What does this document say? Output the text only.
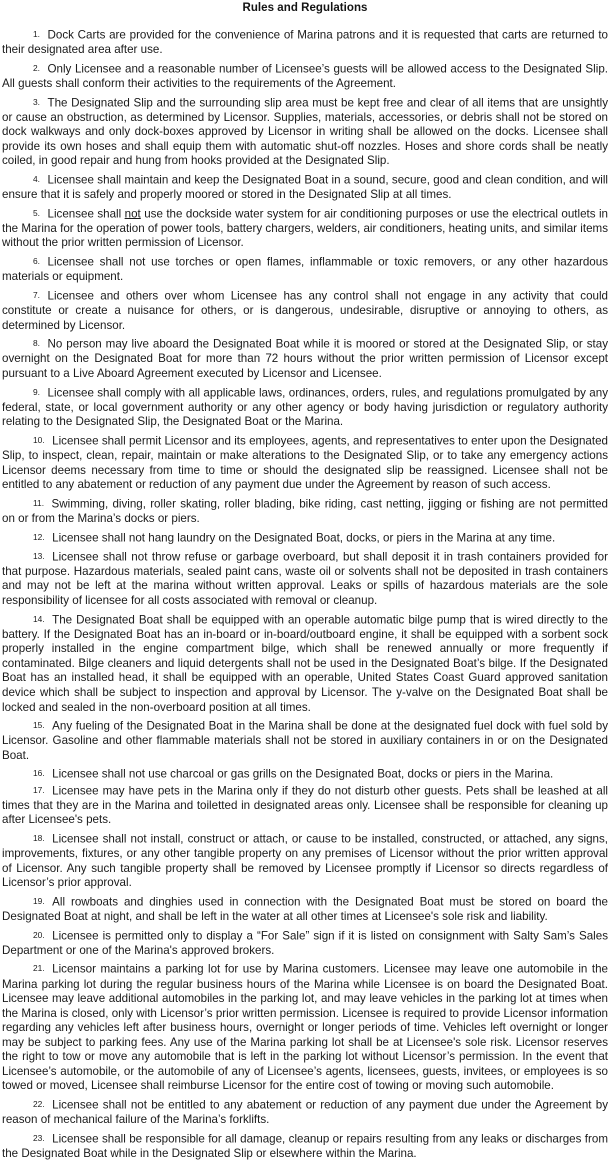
Rules and Regulations
1. Dock Carts are provided for the convenience of Marina patrons and it is requested that carts are returned to their designated area after use.
2. Only Licensee and a reasonable number of Licensee’s guests will be allowed access to the Designated Slip. All guests shall conform their activities to the requirements of the Agreement.
3. The Designated Slip and the surrounding slip area must be kept free and clear of all items that are unsightly or cause an obstruction, as determined by Licensor. Supplies, materials, accessories, or debris shall not be stored on dock walkways and only dock-boxes approved by Licensor in writing shall be allowed on the docks. Licensee shall provide its own hoses and shall equip them with automatic shut-off nozzles. Hoses and shore cords shall be neatly coiled, in good repair and hung from hooks provided at the Designated Slip.
4. Licensee shall maintain and keep the Designated Boat in a sound, secure, good and clean condition, and will ensure that it is safely and properly moored or stored in the Designated Slip at all times.
5. Licensee shall not use the dockside water system for air conditioning purposes or use the electrical outlets in the Marina for the operation of power tools, battery chargers, welders, air conditioners, heating units, and similar items without the prior written permission of Licensor.
6. Licensee shall not use torches or open flames, inflammable or toxic removers, or any other hazardous materials or equipment.
7. Licensee and others over whom Licensee has any control shall not engage in any activity that could constitute or create a nuisance for others, or is dangerous, undesirable, disruptive or annoying to others, as determined by Licensor.
8. No person may live aboard the Designated Boat while it is moored or stored at the Designated Slip, or stay overnight on the Designated Boat for more than 72 hours without the prior written permission of Licensor except pursuant to a Live Aboard Agreement executed by Licensor and Licensee.
9. Licensee shall comply with all applicable laws, ordinances, orders, rules, and regulations promulgated by any federal, state, or local government authority or any other agency or body having jurisdiction or regulatory authority relating to the Designated Slip, the Designated Boat or the Marina.
10. Licensee shall permit Licensor and its employees, agents, and representatives to enter upon the Designated Slip, to inspect, clean, repair, maintain or make alterations to the Designated Slip, or to take any emergency actions Licensor deems necessary from time to time or should the designated slip be reassigned. Licensee shall not be entitled to any abatement or reduction of any payment due under the Agreement by reason of such access.
11. Swimming, diving, roller skating, roller blading, bike riding, cast netting, jigging or fishing are not permitted on or from the Marina’s docks or piers.
12. Licensee shall not hang laundry on the Designated Boat, docks, or piers in the Marina at any time.
13. Licensee shall not throw refuse or garbage overboard, but shall deposit it in trash containers provided for that purpose. Hazardous materials, sealed paint cans, waste oil or solvents shall not be deposited in trash containers and may not be left at the marina without written approval. Leaks or spills of hazardous materials are the sole responsibility of licensee for all costs associated with removal or cleanup.
14. The Designated Boat shall be equipped with an operable automatic bilge pump that is wired directly to the battery. If the Designated Boat has an in-board or in-board/outboard engine, it shall be equipped with a sorbent sock properly installed in the engine compartment bilge, which shall be renewed annually or more frequently if contaminated. Bilge cleaners and liquid detergents shall not be used in the Designated Boat’s bilge. If the Designated Boat has an installed head, it shall be equipped with an operable, United States Coast Guard approved sanitation device which shall be subject to inspection and approval by Licensor. The y-valve on the Designated Boat shall be locked and sealed in the non-overboard position at all times.
15. Any fueling of the Designated Boat in the Marina shall be done at the designated fuel dock with fuel sold by Licensor. Gasoline and other flammable materials shall not be stored in auxiliary containers in or on the Designated Boat.
16. Licensee shall not use charcoal or gas grills on the Designated Boat, docks or piers in the Marina.
17. Licensee may have pets in the Marina only if they do not disturb other guests. Pets shall be leashed at all times that they are in the Marina and toiletted in designated areas only. Licensee shall be responsible for cleaning up after Licensee's pets.
18. Licensee shall not install, construct or attach, or cause to be installed, constructed, or attached, any signs, improvements, fixtures, or any other tangible property on any premises of Licensor without the prior written approval of Licensor. Any such tangible property shall be removed by Licensee promptly if Licensor so directs regardless of Licensor’s prior approval.
19. All rowboats and dinghies used in connection with the Designated Boat must be stored on board the Designated Boat at night, and shall be left in the water at all other times at Licensee's sole risk and liability.
20. Licensee is permitted only to display a “For Sale” sign if it is listed on consignment with Salty Sam’s Sales Department or one of the Marina's approved brokers.
21. Licensor maintains a parking lot for use by Marina customers. Licensee may leave one automobile in the Marina parking lot during the regular business hours of the Marina while Licensee is on board the Designated Boat. Licensee may leave additional automobiles in the parking lot, and may leave vehicles in the parking lot at times when the Marina is closed, only with Licensor’s prior written permission. Licensee is required to provide Licensor information regarding any vehicles left after business hours, overnight or longer periods of time. Vehicles left overnight or longer may be subject to parking fees. Any use of the Marina parking lot shall be at Licensee's sole risk. Licensor reserves the right to tow or move any automobile that is left in the parking lot without Licensor’s permission. In the event that Licensee’s automobile, or the automobile of any of Licensee’s agents, licensees, guests, invitees, or employees is so towed or moved, Licensee shall reimburse Licensor for the entire cost of towing or moving such automobile.
22. Licensee shall not be entitled to any abatement or reduction of any payment due under the Agreement by reason of mechanical failure of the Marina’s forklifts.
23. Licensee shall be responsible for all damage, cleanup or repairs resulting from any leaks or discharges from the Designated Boat while in the Designated Slip or elsewhere within the Marina.
